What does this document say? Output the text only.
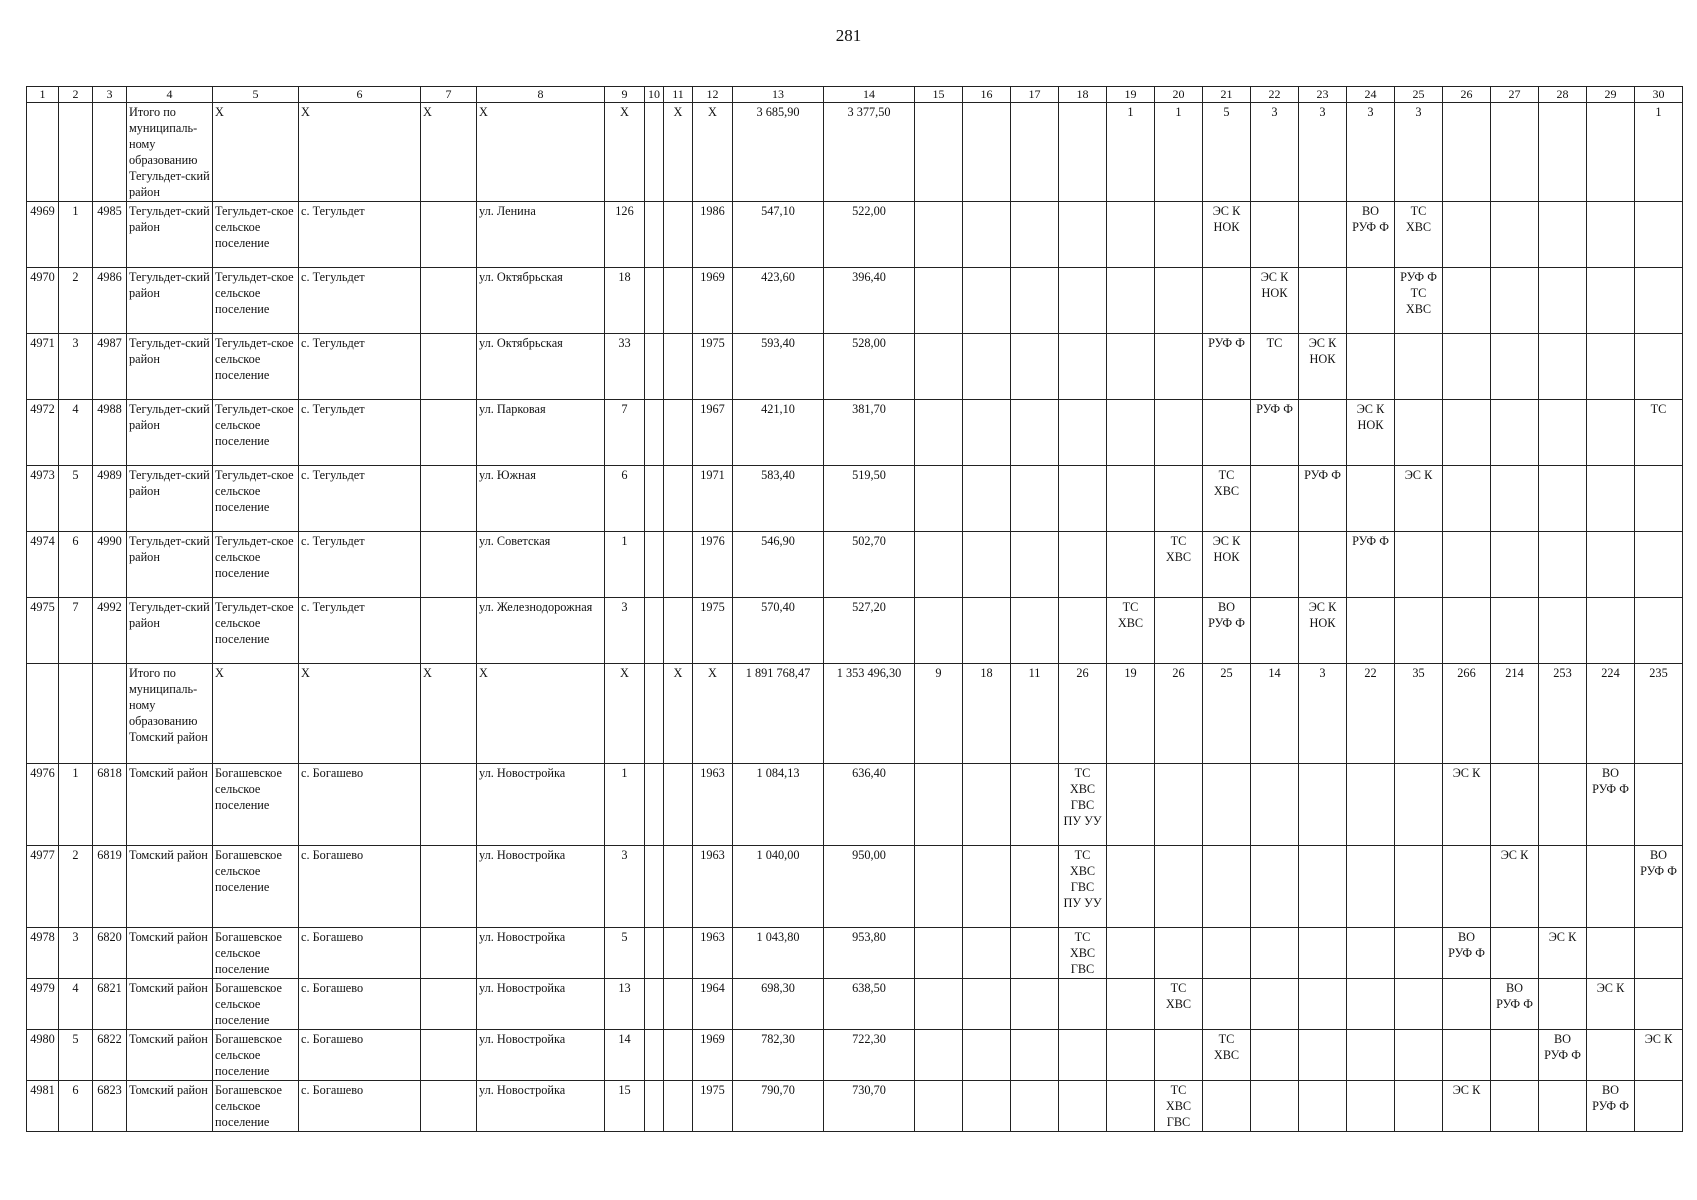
281
1	2	3	4	5	6	7	8	9	10	11	12	13	14	15	16	17	18	19	20	21	22	23	24	25	26	27	28	29	30
			Итого по муниципаль-ному образованию Тегульдет-ский район	X	X	X	X	X		X	X	3 685,90	3 377,50					1	1	5	3	3	3	3					1
4969	1	4985	Тегульдет-ский район	Тегульдет-ское сельское поселение	с. Тегульдет		ул. Ленина	126			1986	547,10	522,00							ЭС К НОК			ВО РУФ Ф	ТС ХВС					
4970	2	4986	Тегульдет-ский район	Тегульдет-ское сельское поселение	с. Тегульдет		ул. Октябрьская	18			1969	423,60	396,40								ЭС К НОК			РУФ Ф ТС ХВС					
4971	3	4987	Тегульдет-ский район	Тегульдет-ское сельское поселение	с. Тегульдет		ул. Октябрьская	33			1975	593,40	528,00							РУФ Ф	ТС	ЭС К НОК							
4972	4	4988	Тегульдет-ский район	Тегульдет-ское сельское поселение	с. Тегульдет		ул. Парковая	7			1967	421,10	381,70								РУФ Ф		ЭС К НОК						ТС
4973	5	4989	Тегульдет-ский район	Тегульдет-ское сельское поселение	с. Тегульдет		ул. Южная	6			1971	583,40	519,50							ТС ХВС		РУФ Ф		ЭС К					
4974	6	4990	Тегульдет-ский район	Тегульдет-ское сельское поселение	с. Тегульдет		ул. Советская	1			1976	546,90	502,70						ТС ХВС	ЭС К НОК			РУФ Ф						
4975	7	4992	Тегульдет-ский район	Тегульдет-ское сельское поселение	с. Тегульдет		ул. Железнодорожная	3			1975	570,40	527,20					ТС ХВС		ВО РУФ Ф		ЭС К НОК							
			Итого по муниципаль-ному образованию Томский район	X	X	X	X	X		X	X	1 891 768,47	1 353 496,30	9	18	11	26	19	26	25	14	3	22	35	266	214	253	224	235
4976	1	6818	Томский район	Богашевское сельское поселение	с. Богашево		ул. Новостройка	1			1963	1 084,13	636,40				ТС ХВС ГВС ПУ УУ								ЭС К			ВО РУФ Ф	
4977	2	6819	Томский район	Богашевское сельское поселение	с. Богашево		ул. Новостройка	3			1963	1 040,00	950,00				ТС ХВС ГВС ПУ УУ									ЭС К			ВО РУФ Ф
4978	3	6820	Томский район	Богашевское сельское поселение	с. Богашево		ул. Новостройка	5			1963	1 043,80	953,80				ТС ХВС ГВС								ВО РУФ Ф		ЭС К		
4979	4	6821	Томский район	Богашевское сельское поселение	с. Богашево		ул. Новостройка	13			1964	698,30	638,50						ТС ХВС							ВО РУФ Ф		ЭС К	
4980	5	6822	Томский район	Богашевское сельское поселение	с. Богашево		ул. Новостройка	14			1969	782,30	722,30							ТС ХВС							ВО РУФ Ф		ЭС К
4981	6	6823	Томский район	Богашевское сельское поселение	с. Богашево		ул. Новостройка	15			1975	790,70	730,70						ТС ХВС ГВС						ЭС К			ВО РУФ Ф	
